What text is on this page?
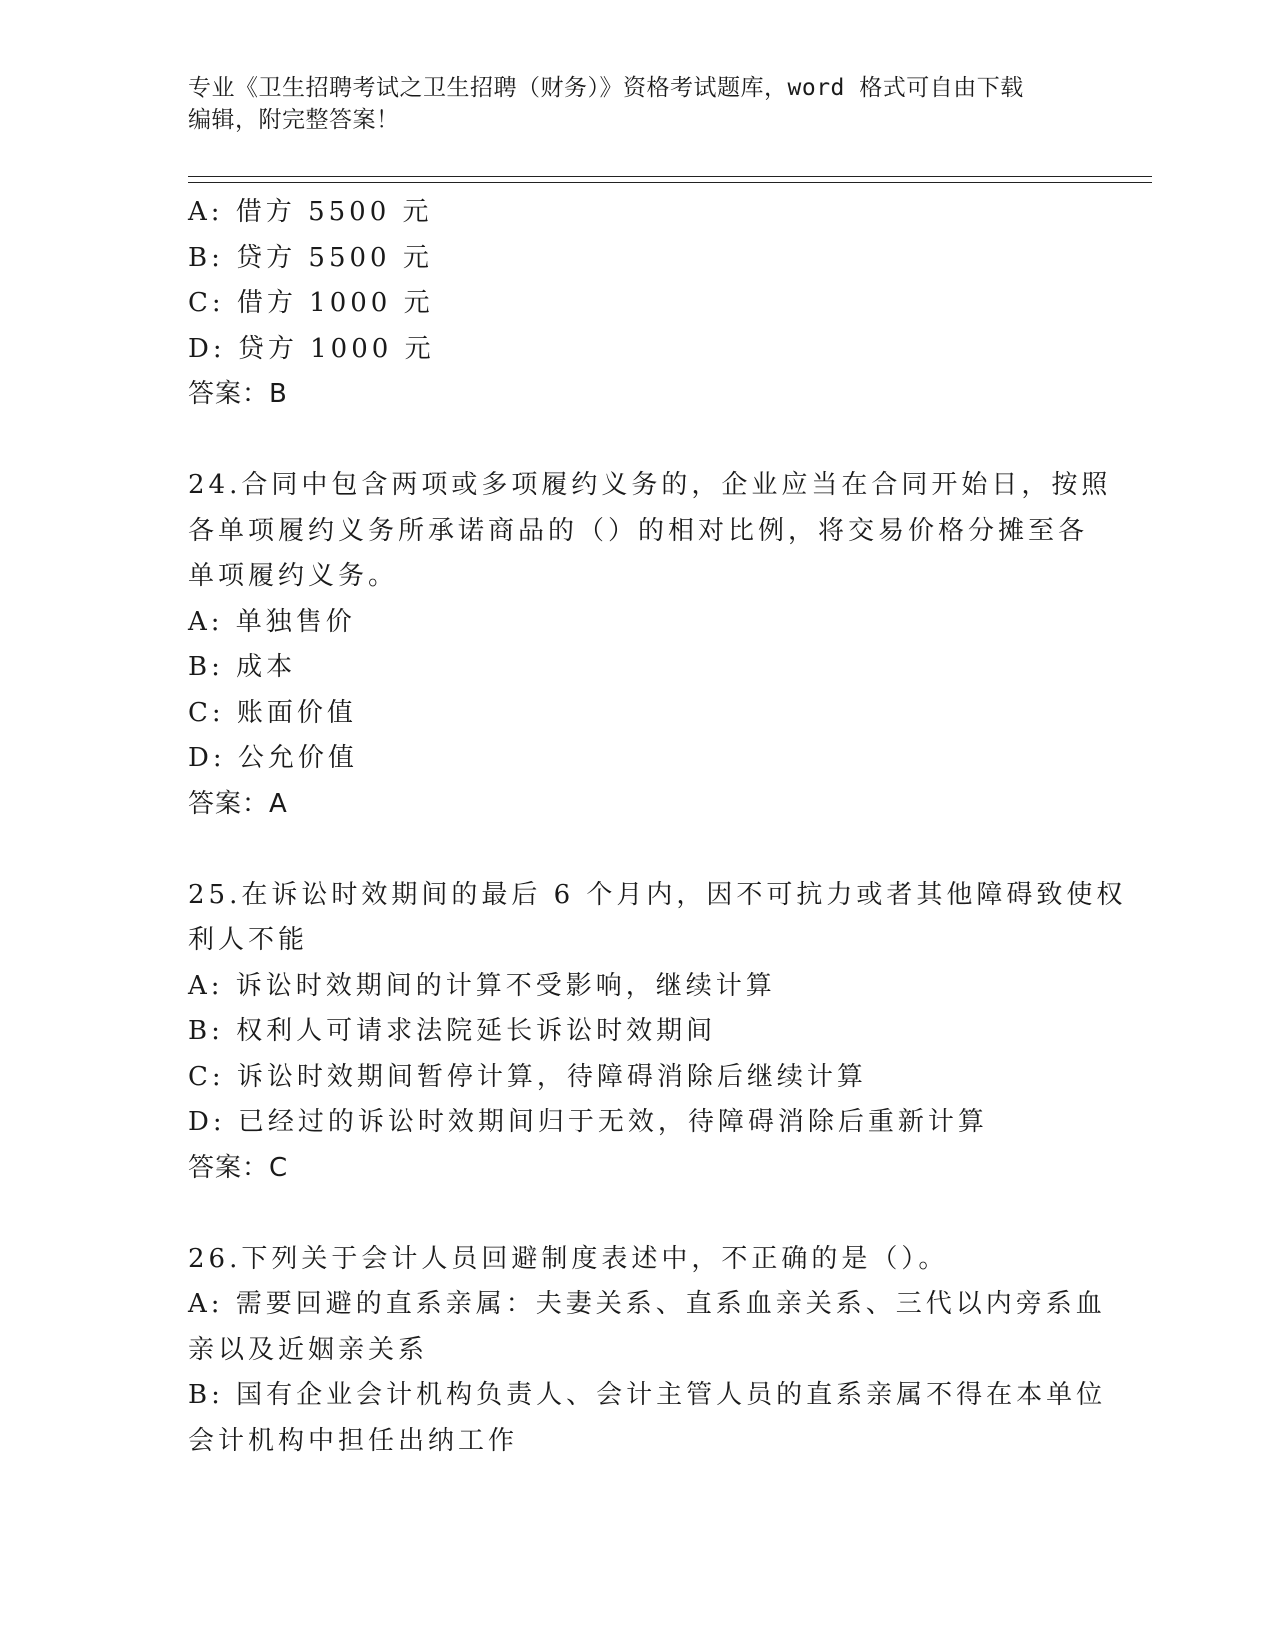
专业《卫生招聘考试之卫生招聘（财务）》资格考试题库，word 格式可自由下载
编辑，附完整答案！
A: 借方 5500 元
B: 贷方 5500 元
C: 借方 1000 元
D: 贷方 1000 元
答案：B
24.合同中包含两项或多项履约义务的，企业应当在合同开始日，按照
各单项履约义务所承诺商品的（）的相对比例，将交易价格分摊至各
单项履约义务。
A: 单独售价
B: 成本
C: 账面价值
D: 公允价值
答案：A
25.在诉讼时效期间的最后 6 个月内，因不可抗力或者其他障碍致使权
利人不能
A: 诉讼时效期间的计算不受影响，继续计算
B: 权利人可请求法院延长诉讼时效期间
C: 诉讼时效期间暂停计算，待障碍消除后继续计算
D: 已经过的诉讼时效期间归于无效，待障碍消除后重新计算
答案：C
26.下列关于会计人员回避制度表述中，不正确的是（）。
A: 需要回避的直系亲属：夫妻关系、直系血亲关系、三代以内旁系血
亲以及近姻亲关系
B: 国有企业会计机构负责人、会计主管人员的直系亲属不得在本单位
会计机构中担任出纳工作
